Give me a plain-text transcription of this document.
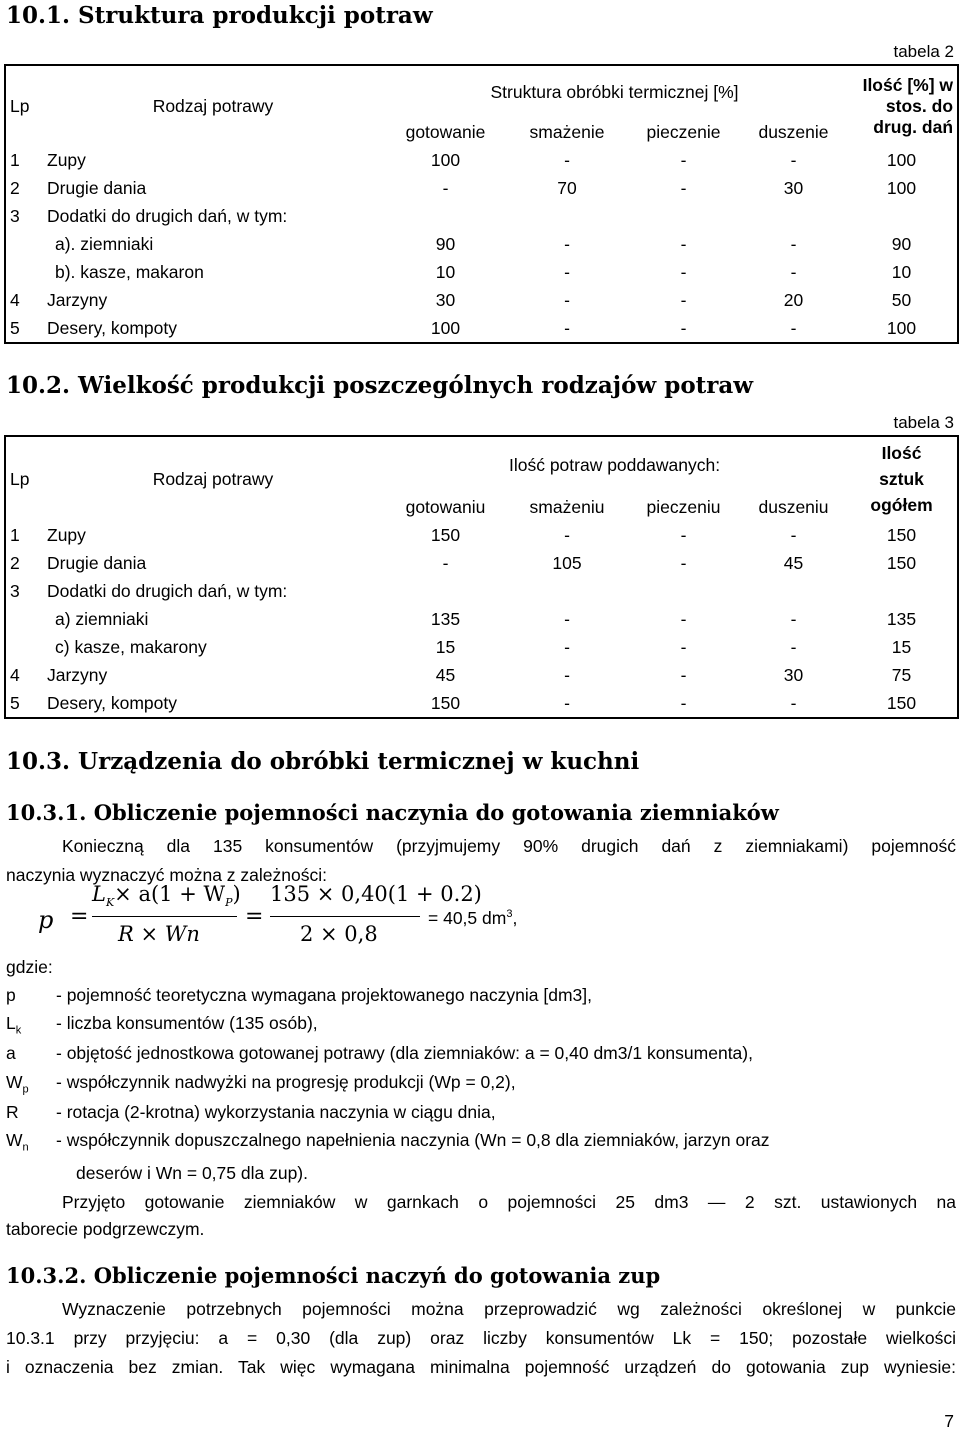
10.1. Struktura produkcji potraw
tabela 2
Lp	Rodzaj potrawy	Struktura obróbki termicznej [%]				Ilość [%] w
stos. do
drug. dań
		gotowanie	smażenie	pieczenie	duszenie	
1	Zupy	100	-	-	-	100
2	Drugie dania	-	70	-	30	100
3	Dodatki do drugich dań, w tym:					
	a). ziemniaki	90	-	-	-	90
	b). kasze, makaron	10	-	-	-	10
4	Jarzyny	30	-	-	20	50
5	Desery, kompoty	100	-	-	-	100
10.2. Wielkość produkcji poszczególnych rodzajów potraw
tabela 3
Lp	Rodzaj potrawy	Ilość potraw poddawanych:				Ilość
sztuk
ogółem
		gotowaniu	smażeniu	pieczeniu	duszeniu	
1	Zupy	150	-	-	-	150
2	Drugie dania	-	105	-	45	150
3	Dodatki do drugich dań, w tym:					
	a) ziemniaki	135	-	-	-	135
	c) kasze, makarony	15	-	-	-	15
4	Jarzyny	45	-	-	30	75
5	Desery, kompoty	150	-	-	-	150
10.3. Urządzenia do obróbki termicznej w kuchni
10.3.1. Obliczenie pojemności naczynia do gotowania ziemniaków
Konieczną dla 135 konsumentów (przyjmujemy 90% drugich dań z ziemniakami) pojemność
naczynia wyznaczyć można z zależności:
p =
$L_K\times a(1 + W_P)$
R × Wn
=
135 × 0,40(1 + 0.2)
2 × 0,8
= 40,5 $dm^3$,
gdzie:
p - pojemność teoretyczna wymagana projektowanego naczynia [dm3],
$L_k$ - liczba konsumentów (135 osób),
a - objętość jednostkowa gotowanej potrawy (dla ziemniaków: a = 0,40 dm3/1 konsumenta),
$W_p$ - współczynnik nadwyżki na progresję produkcji (Wp = 0,2),
R - rotacja (2-krotna) wykorzystania naczynia w ciągu dnia,
$W_n$ - współczynnik dopuszczalnego napełnienia naczynia (Wn = 0,8 dla ziemniaków, jarzyn oraz
deserów i Wn = 0,75 dla zup).
Przyjęto gotowanie ziemniaków w garnkach o pojemności 25 dm3 — 2 szt. ustawionych na
taborecie podgrzewczym.
10.3.2. Obliczenie pojemności naczyń do gotowania zup
Wyznaczenie potrzebnych pojemności można przeprowadzić wg zależności określonej w punkcie
10.3.1 przy przyjęciu: a = 0,30 (dla zup) oraz liczby konsumentów Lk = 150; pozostałe wielkości
i oznaczenia bez zmian. Tak więc wymagana minimalna pojemność urządzeń do gotowania zup wyniesie:
7
